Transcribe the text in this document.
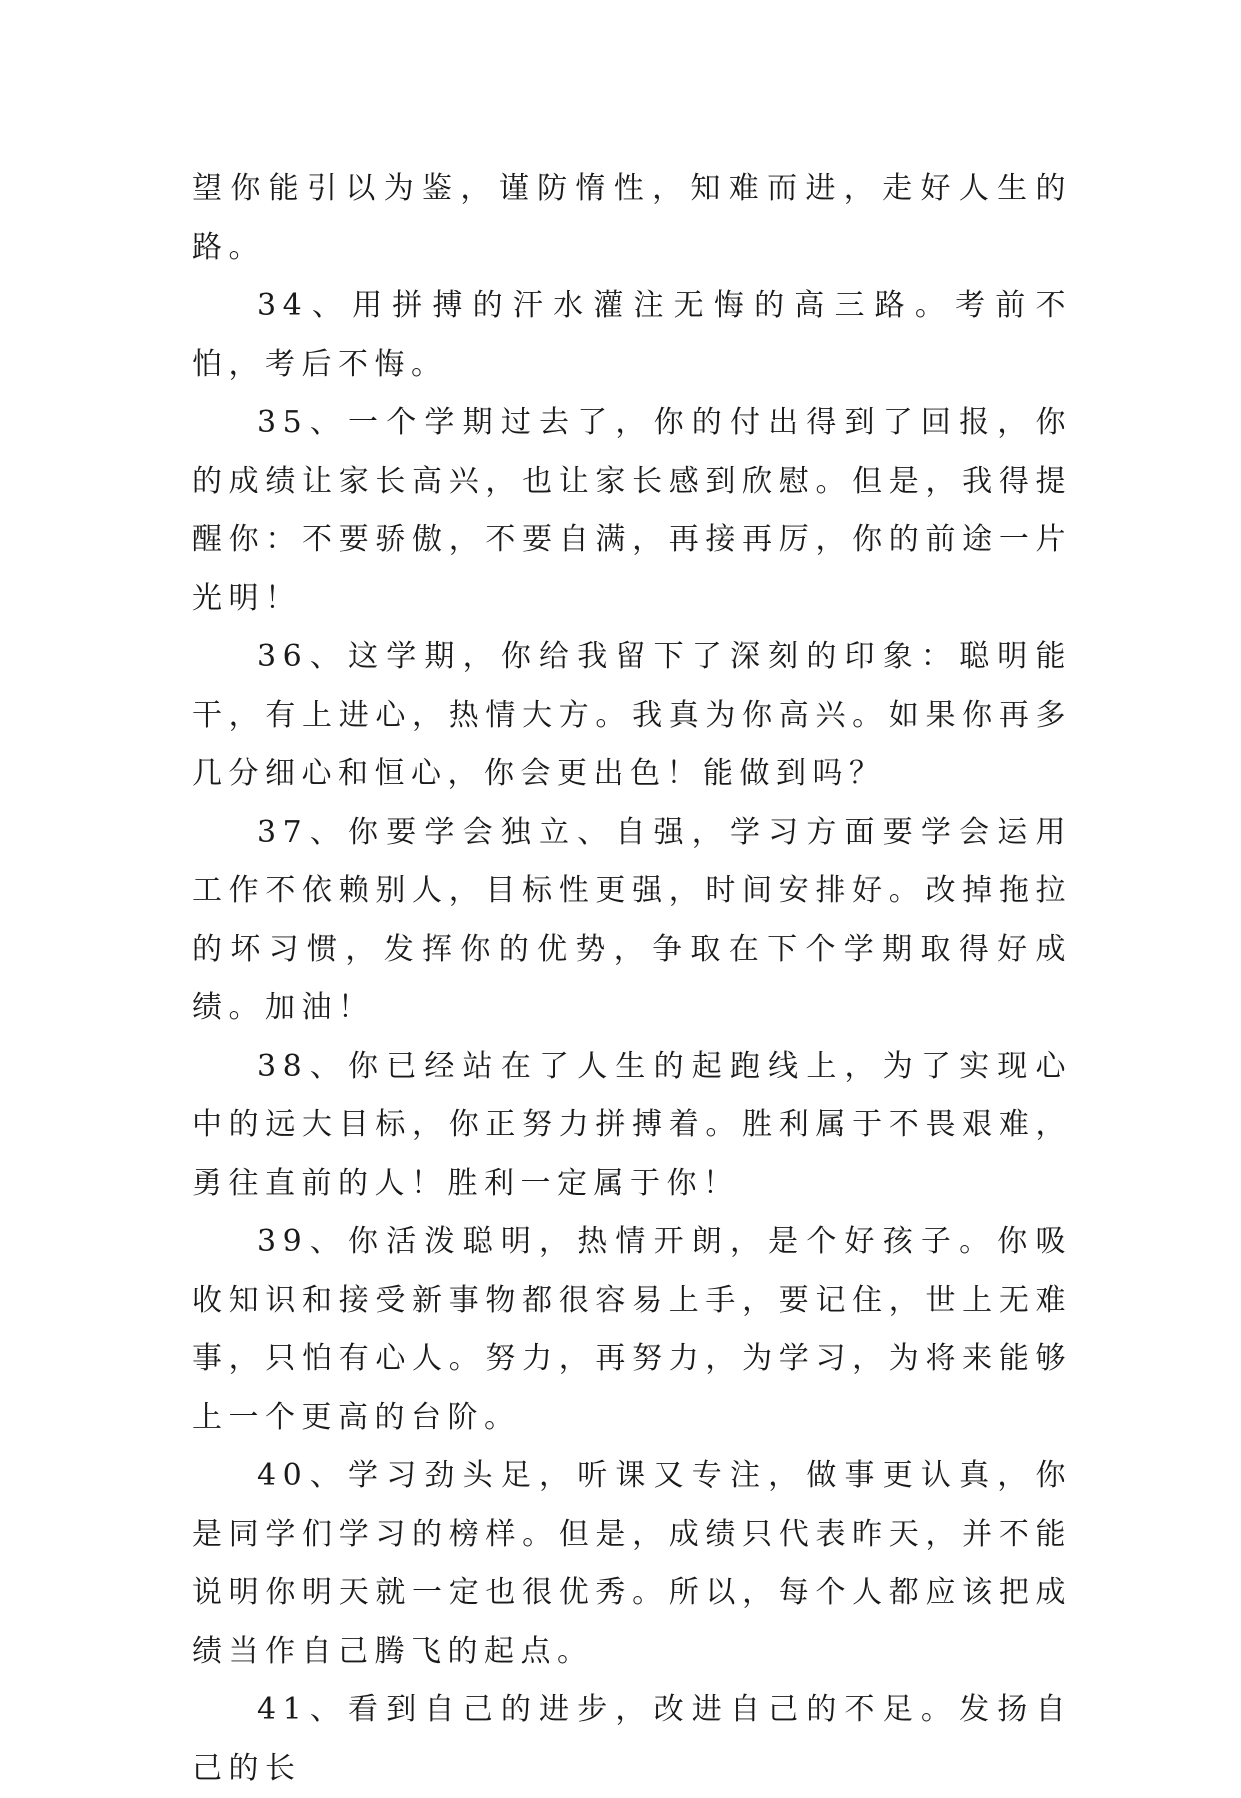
望你能引以为鉴，谨防惰性，知难而进，走好人生的路。

34、用拼搏的汗水灌注无悔的高三路。考前不怕，考后不悔。

35、一个学期过去了，你的付出得到了回报，你的成绩让家长高兴，也让家长感到欣慰。但是，我得提醒你：不要骄傲，不要自满，再接再厉，你的前途一片光明！

36、这学期，你给我留下了深刻的印象：聪明能干，有上进心，热情大方。我真为你高兴。如果你再多几分细心和恒心，你会更出色！能做到吗？

37、你要学会独立、自强，学习方面要学会运用工作不依赖别人，目标性更强，时间安排好。改掉拖拉的坏习惯，发挥你的优势，争取在下个学期取得好成绩。加油！

38、你已经站在了人生的起跑线上，为了实现心中的远大目标，你正努力拼搏着。胜利属于不畏艰难，勇往直前的人！胜利一定属于你！

39、你活泼聪明，热情开朗，是个好孩子。你吸收知识和接受新事物都很容易上手，要记住，世上无难事，只怕有心人。努力，再努力，为学习，为将来能够上一个更高的台阶。

40、学习劲头足，听课又专注，做事更认真，你是同学们学习的榜样。但是，成绩只代表昨天，并不能说明你明天就一定也很优秀。所以，每个人都应该把成绩当作自己腾飞的起点。

41、看到自己的进步，改进自己的不足。发扬自己的长
